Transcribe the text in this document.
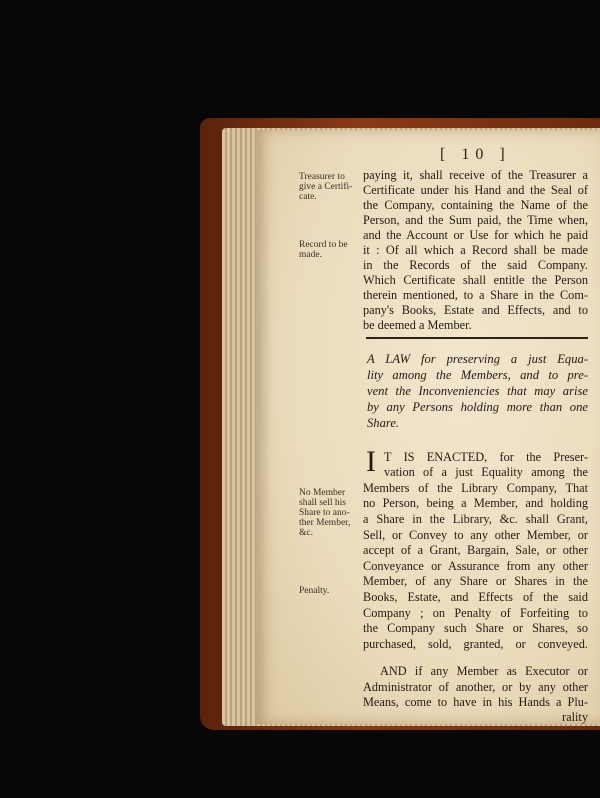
[ 10 ]
Treasurer to
give a Certifi-
cate.
Record to be
made.
No Member
shall sell his
Share to ano-
ther Member,
&c.
Penalty.
paying it, shall receive of the Treasurer a
Certificate under his Hand and the Seal of
the Company, containing the Name of the
Person, and the Sum paid, the Time when,
and the Account or Use for which he paid
it : Of all which a Record shall be made
in the Records of the said Company.
Which Certificate shall entitle the Person
therein mentioned, to a Share in the Com-
pany's Books, Estate and Effects, and to
be deemed a Member.
A LAW for preserving a just Equa-
lity among the Members, and to pre-
vent the Inconveniencies that may arise
by any Persons holding more than one
Share.
I T IS ENACTED, for the Preser-
vation of a just Equality among the
Members of the Library Company, That
no Person, being a Member, and holding
a Share in the Library, &c. shall Grant,
Sell, or Convey to any other Member, or
accept of a Grant, Bargain, Sale, or other
Conveyance or Assurance from any other
Member, of any Share or Shares in the
Books, Estate, and Effects of the said
Company ; on Penalty of Forfeiting to
the Company such Share or Shares, so
purchased, sold, granted, or conveyed.
AND if any Member as Executor or
Administrator of another, or by any other
Means, come to have in his Hands a Plu-
rality
